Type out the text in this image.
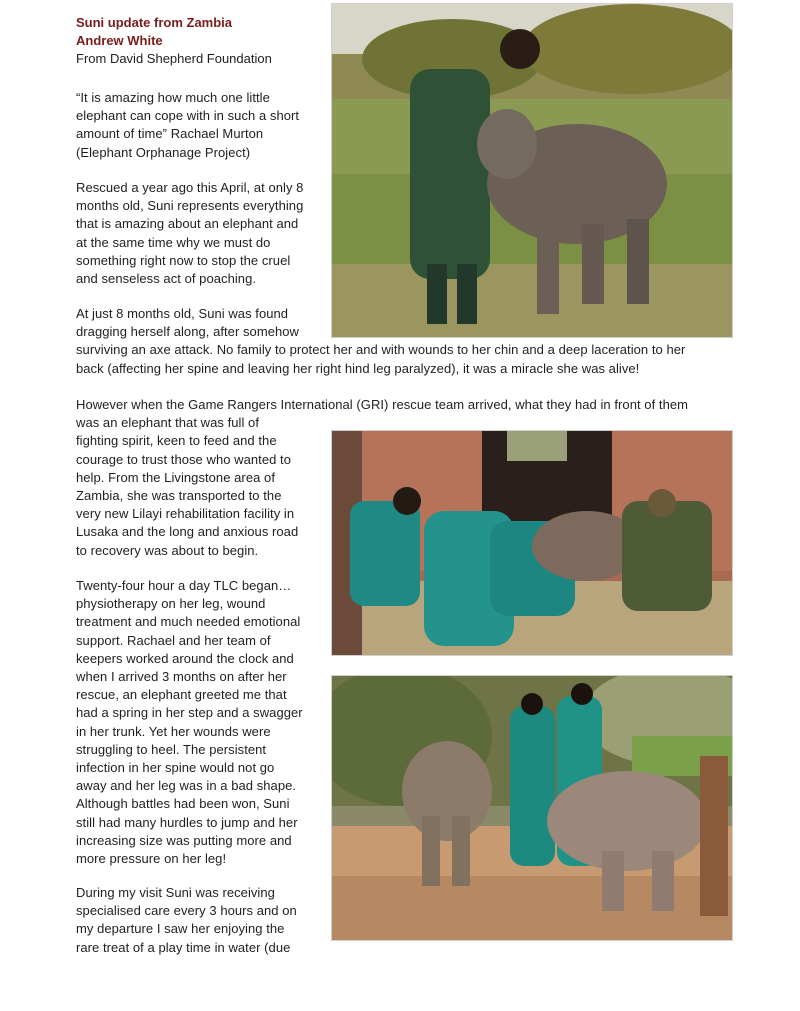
Suni update from Zambia
Andrew White
From David Shepherd Foundation

“It is amazing how much one little

elephant can cope with in such a short

amount of time” Rachael Murton

(Elephant Orphanage Project)

Rescued a year ago this April, at only 8

months old, Suni represents everything

that is amazing about an elephant and

at the same time why we must do

something right now to stop the cruel

and senseless act of poaching.

At just 8 months old, Suni was found

dragging herself along, after somehow

surviving an axe attack. No family to protect her and with wounds to her chin and a deep laceration to her

back (affecting her spine and leaving her right hind leg paralyzed), it was a miracle she was alive!

However when the Game Rangers International (GRI) rescue team arrived, what they had in front of them

was an elephant that was full of

fighting spirit, keen to feed and the

courage to trust those who wanted to

help. From the Livingstone area of

Zambia, she was transported to the

very new Lilayi rehabilitation facility in

Lusaka and the long and anxious road

to recovery was about to begin.

Twenty-four hour a day TLC began…

physiotherapy on her leg, wound

treatment and much needed emotional

support. Rachael and her team of

keepers worked around the clock and

when I arrived 3 months on after her

rescue, an elephant greeted me that

had a spring in her step and a swagger

in her trunk. Yet her wounds were

struggling to heel. The persistent

infection in her spine would not go

away and her leg was in a bad shape.

Although battles had been won, Suni

still had many hurdles to jump and her

increasing size was putting more and

more pressure on her leg!

During my visit Suni was receiving

specialised care every 3 hours and on

my departure I saw her enjoying the

rare treat of a play time in water (due
